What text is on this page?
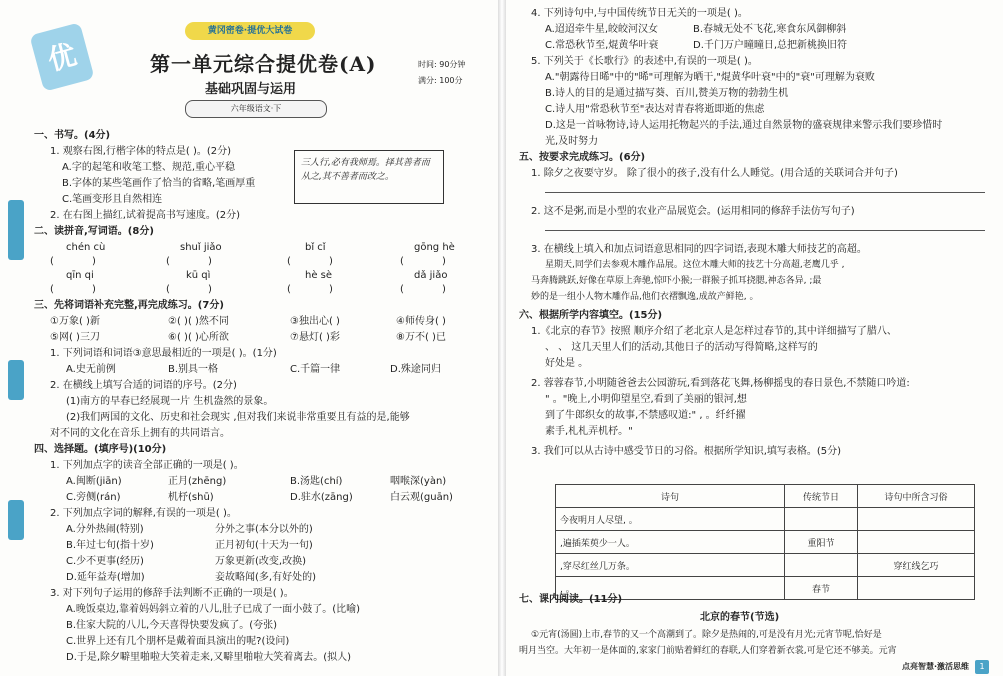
优
黄冈密卷·提优大试卷
第一单元综合提优卷(A)
基础巩固与运用
六年级语文·下
时间: 90分钟
满分: 100分
一、书写。(4分)
1. 观察右图,行楷字体的特点是( )。(2分)
A.字的起笔和收笔工整、规范,重心平稳
B.字体的某些笔画作了恰当的省略,笔画厚重
C.笔画变形且自然相连
三人行,必有我师焉。择其善者而从之,其不善者而改之。
2. 在右图上描红,试着提高书写速度。(2分)
二、读拼音,写词语。(8分)
chén cù	shuǐ jiǎo	bǐ cǐ	gōng hè
(            )	(            )	(            )	(            )
qīn qi	kū qì	hè sè	dǎ jiǎo
(            )	(            )	(            )	(            )
三、先将词语补充完整,再完成练习。(7分)
①万象( )新	②( )( )然不同	③独出心( )	④师传身( )
⑤网( )三刀	⑥( )( )心所欲	⑦悬灯( )彩	⑧万不( )已
1. 下列词语和词语③意思最相近的一项是( )。(1分)
A.史无前例	B.别具一格	C.千篇一律	D.殊途同归
2. 在横线上填写合适的词语的序号。(2分)
(1)南方的早春已经展现一片 生机盎然的景象。
(2)我们两国的文化、历史和社会现实 ,但对我们来说非常重要且有益的是,能够
对不同的文化在音乐上拥有的共同语言。
四、选择题。(填序号)(10分)
1. 下列加点字的读音全部正确的一项是( )。
A.闽断(jiān)	正月(zhēng)	B.汤匙(chí)	咽喉深(yàn)
C.旁侧(rán)	机杼(shū)	D.驻水(zāng)	白云观(guān)
2. 下列加点字词的解释,有误的一项是( )。
A.分外热闹(特别)	分外之事(本分以外的)
B.年过七旬(指十岁)	正月初旬(十天为一旬)
C.少不更事(经历)	万象更新(改变,改换)
D.延年益寿(增加)	妾故略闻(多,有好处的)
3. 对下列句子运用的修辞手法判断不正确的一项是( )。
A.晚饭桌边,靠着妈妈斜立着的八儿,肚子已成了一面小鼓了。(比喻)
B.住家大院的八儿,今天喜得快要发疯了。(夸张)
C.世界上还有几个朋杯是戴着面具演出的呢?(设问)
D.于是,除夕噼里啪啦大笑着走来,又噼里啪啦大笑着离去。(拟人)
4. 下列诗句中,与中国传统节日无关的一项是( )。
A.迢迢牵牛星,皎皎河汉女	B.春城无处不飞花,寒食东风御柳斜
C.常恐秋节至,焜黄华叶衰	D.千门万户曈曈日,总把新桃换旧符
5. 下列关于《长歌行》的表述中,有误的一项是( )。
A."朝露待日晞"中的"晞"可理解为晒干,"焜黄华叶衰"中的"衰"可理解为衰败
B.诗人的目的是通过描写葵、百川,赞美万物的勃勃生机
C.诗人用"常恐秋节至"表达对青春将逝即逝的焦虑
D.这是一首咏物诗,诗人运用托物起兴的手法,通过自然景物的盛衰规律来警示我们要珍惜时
光,及时努力
五、按要求完成练习。(6分)
1. 除夕之夜要守岁。 除了很小的孩子,没有什么人睡觉。(用合适的关联词合并句子)
2. 这不是粥,而是小型的农业产品展览会。(运用相同的修辞手法仿写句子)
3. 在横线上填入和加点词语意思相同的四字词语,表现木雕大师技艺的高超。
星期天,同学们去参观木雕作品展。这位木雕大师的技艺十分高超,老鹰几乎 ,
马奔腾跳跃,好像在草原上奔驰,惊吓小猴;一群猴子抓耳挠腮,神态各异, ;最
妙的是一组小人物木雕作品,他们衣褶飘逸,成故产鲜艳, 。
六、根据所学内容填空。(15分)
1.《北京的春节》按照 顺序介绍了老北京人是怎样过春节的,其中详细描写了腊八、
、 、 这几天里人们的活动,其他日子的活动写得简略,这样写的
好处是 。
2. 蓉蓉春节,小明随爸爸去公园游玩,看到落花飞舞,杨柳摇曳的春日景色,不禁随口吟道:
" 。"晚上,小明仰望星空,看到了美丽的银河,想
到了牛郎织女的故事,不禁感叹道:" , 。纤纤擢
素手,札札弄机杼。"
3. 我们可以从古诗中感受节日的习俗。根据所学知识,填写表格。(5分)
诗句	传统节日	诗句中所含习俗
今夜明月人尽望, 。		
,遍插茱萸少一人。	重阳节	
,穿尽红丝几万条。		穿红线乞巧
, 。	春节	
七、课内阅读。(11分)
北京的春节(节选)
①元宵(汤圆)上市,春节的又一个高潮到了。除夕是热闹的,可是没有月光;元宵节呢,恰好是
明月当空。大年初一是体面的,家家门前贴着鲜红的春联,人们穿着新衣裳,可是它还不够美。元宵
点亮智慧·激活思维	1
